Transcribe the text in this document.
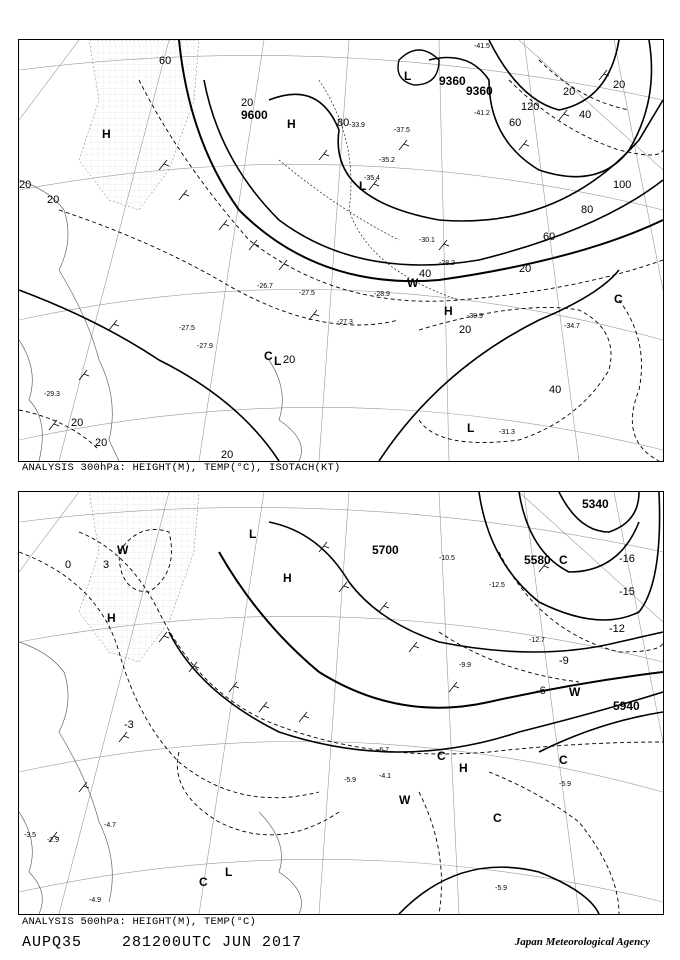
9600
9360
9360
60
20
80
40	20
60
120
20
40
100
80
60
20
40
20
20
20
20
20
20
20
H
H
L
L
L
H
C
C
W
L
-41.5
-41.2
-35.4
-33.9
-37.5
-35.2
-30.1
-28.2
-28.9
-27.3
-27.5
-30.9
-34.7
-31.3
-29.3
-27.9
-26.7
-27.5
ANALYSIS 300hPa: HEIGHT(M), TEMP(°C), ISOTACH(KT)
5700
5580
5340
5940
-16
-15
-12
-9
-6
-3
0	3
L
H
W
H
C
W
C	C
W
H
C
C
L
-10.5
-12.5
-12.7
-9.9
-6.7
-5.9
-4.1
-5.9
-4.7
-2.9
-3.5
-5.9
-4.9
ANALYSIS 500hPa: HEIGHT(M), TEMP(°C)
AUPQ35	281200UTC JUN 2017	Japan Meteorological Agency
